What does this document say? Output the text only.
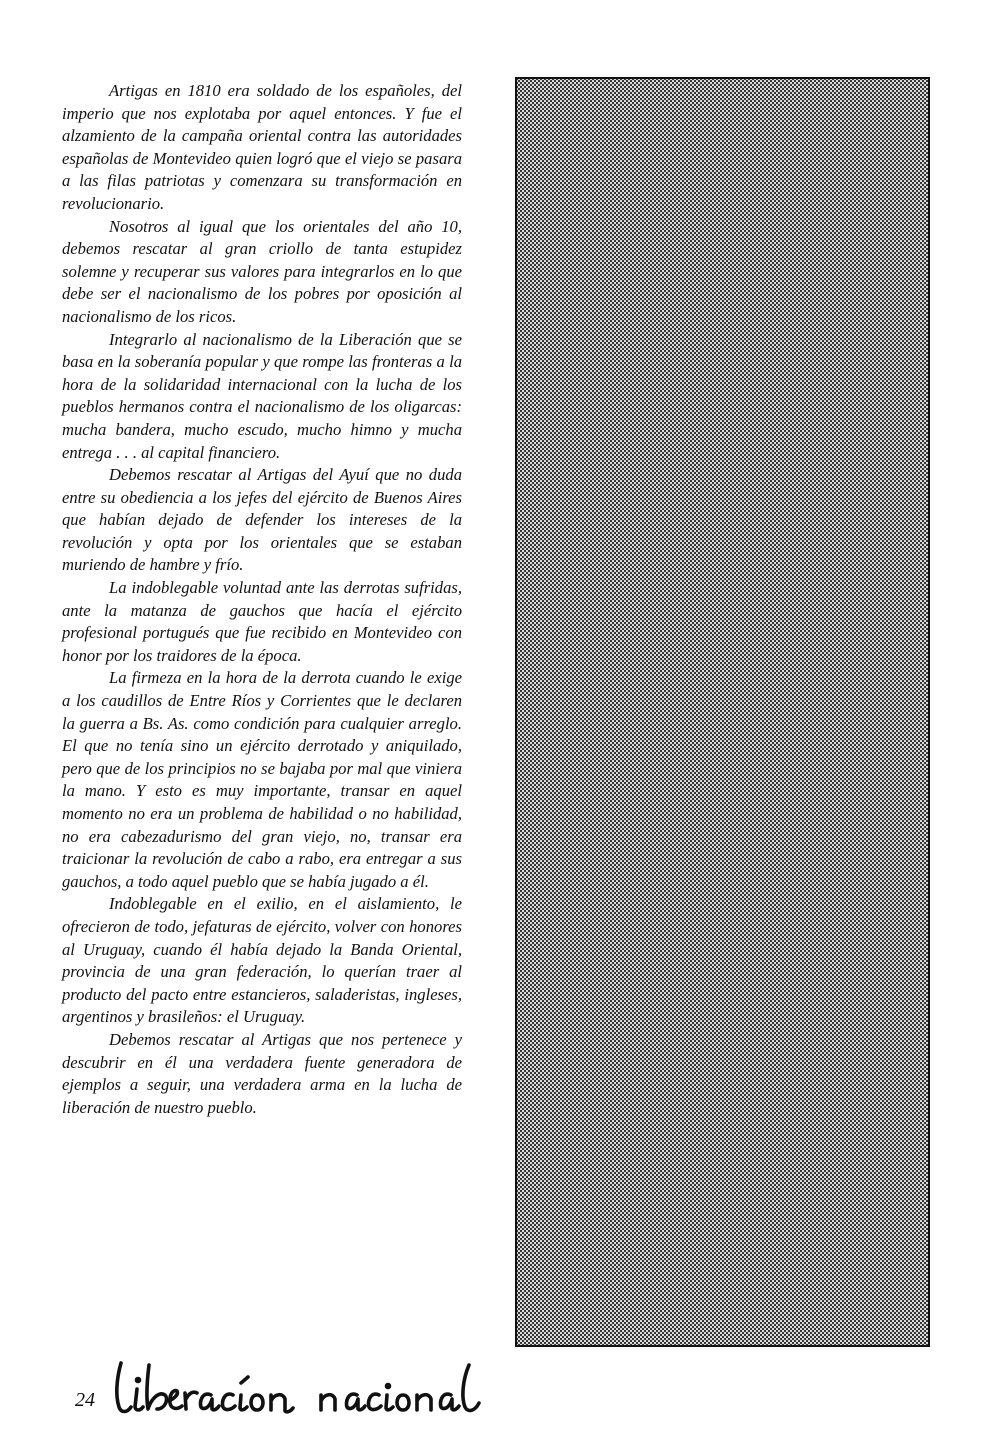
Artigas en 1810 era soldado de los españoles, del imperio que nos explotaba por aquel entonces. Y fue el alzamiento de la campaña oriental contra las autoridades españolas de Montevideo quien logró que el viejo se pasara a las filas patriotas y comenzara su transformación en revolucionario.

Nosotros al igual que los orientales del año 10, debemos rescatar al gran criollo de tanta estupidez solemne y recuperar sus valores para integrarlos en lo que debe ser el nacionalismo de los pobres por oposición al nacionalismo de los ricos.

Integrarlo al nacionalismo de la Liberación que se basa en la soberanía popular y que rompe las fronteras a la hora de la solidaridad internacional con la lucha de los pueblos hermanos contra el nacionalismo de los oligarcas: mucha bandera, mucho escudo, mucho himno y mucha entrega . . . al capital financiero.

Debemos rescatar al Artigas del Ayuí que no duda entre su obediencia a los jefes del ejército de Buenos Aires que habían dejado de defender los intereses de la revolución y opta por los orientales que se estaban muriendo de hambre y frío.

La indoblegable voluntad ante las derrotas sufridas, ante la matanza de gauchos que hacía el ejército profesional portugués que fue recibido en Montevideo con honor por los traidores de la época.

La firmeza en la hora de la derrota cuando le exige a los caudillos de Entre Ríos y Corrientes que le declaren la guerra a Bs. As. como condición para cualquier arreglo. El que no tenía sino un ejército derrotado y aniquilado, pero que de los principios no se bajaba por mal que viniera la mano. Y esto es muy importante, transar en aquel momento no era un problema de habilidad o no habilidad, no era cabezadurismo del gran viejo, no, transar era traicionar la revolución de cabo a rabo, era entregar a sus gauchos, a todo aquel pueblo que se había jugado a él.

Indoblegable en el exilio, en el aislamiento, le ofrecieron de todo, jefaturas de ejército, volver con honores al Uruguay, cuando él había dejado la Banda Oriental, provincia de una gran federación, lo querían traer al producto del pacto entre estancieros, saladeristas, ingleses, argentinos y brasileños: el Uruguay.

Debemos rescatar al Artigas que nos pertenece y descubrir en él una verdadera fuente generadora de ejemplos a seguir, una verdadera arma en la lucha de liberación de nuestro pueblo.

24
